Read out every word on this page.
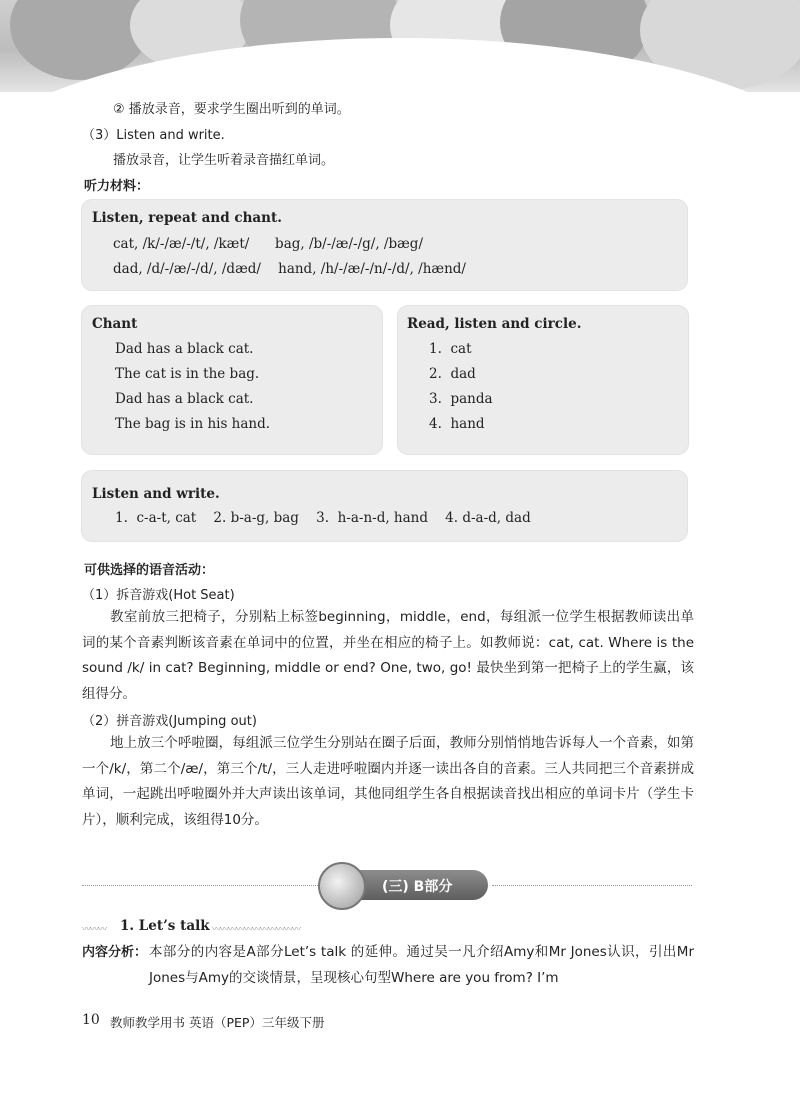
② 播放录音，要求学生圈出听到的单词。
（3）Listen and write.
播放录音，让学生听着录音描红单词。
听力材料：
Listen, repeat and chant.
cat, /k/-/æ/-/t/, /kæt/      bag, /b/-/æ/-/g/, /bæg/
dad, /d/-/æ/-/d/, /dæd/    hand, /h/-/æ/-/n/-/d/, /hænd/
Chant
Dad has a black cat.
The cat is in the bag.
Dad has a black cat.
The bag is in his hand.
Read, listen and circle.
1.  cat
2.  dad
3.  panda
4.  hand
Listen and write.
1.  c-a-t, cat    2. b-a-g, bag    3.  h-a-n-d, hand    4. d-a-d, dad
可供选择的语音活动：
（1）拆音游戏(Hot Seat)
教室前放三把椅子，分别粘上标签beginning，middle，end，每组派一位学生根据教师读出单词的某个音素判断该音素在单词中的位置，并坐在相应的椅子上。如教师说：cat, cat. Where is the sound /k/ in cat? Beginning, middle or end? One, two, go! 最快坐到第一把椅子上的学生赢，该组得分。
（2）拼音游戏(Jumping out)
地上放三个呼啦圈，每组派三位学生分别站在圈子后面，教师分别悄悄地告诉每人一个音素，如第一个/k/，第二个/æ/，第三个/t/，三人走进呼啦圈内并逐一读出各自的音素。三人共同把三个音素拼成单词，一起跳出呼啦圈外并大声读出该单词，其他同组学生各自根据读音找出相应的单词卡片（学生卡片），顺利完成，该组得10分。
(三) B部分
〰〰〰 1. Let’s talk 〰〰〰〰〰〰〰〰〰〰〰
内容分析： 本部分的内容是A部分Let’s talk 的延伸。通过吴一凡介绍Amy和Mr Jones认识，引出Mr Jones与Amy的交谈情景，呈现核心句型Where are you from? I’m
10 教师教学用书 英语（PEP）三年级下册
